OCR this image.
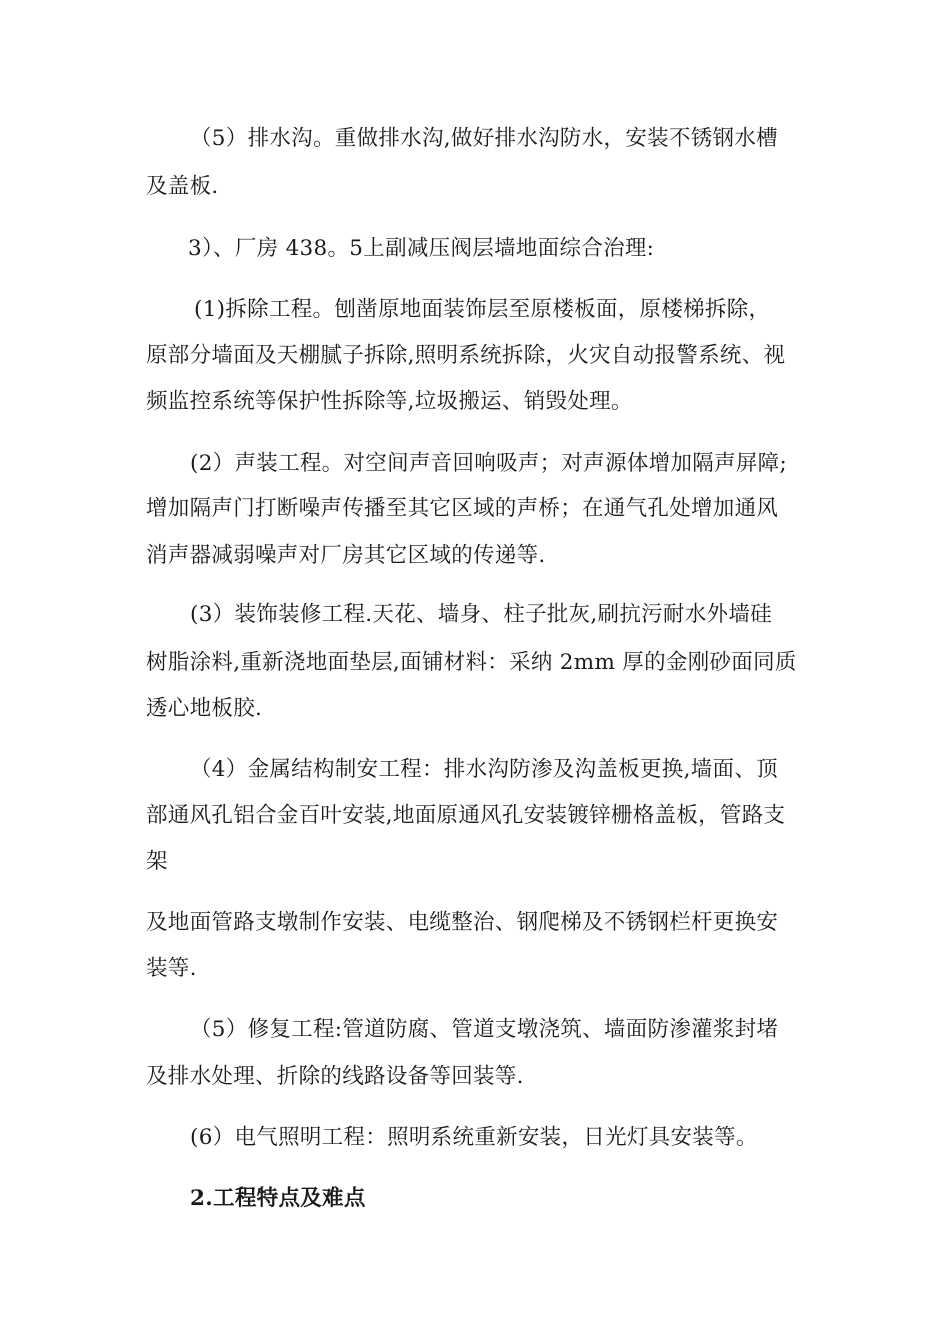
（5）排水沟。重做排水沟,做好排水沟防水，安装不锈钢水槽
及盖板.
3）、厂房 438。5上副减压阀层墙地面综合治理:
(1)拆除工程。刨凿原地面装饰层至原楼板面，原楼梯拆除，
原部分墙面及天棚腻子拆除,照明系统拆除，火灾自动报警系统、视
频监控系统等保护性拆除等,垃圾搬运、销毁处理。
(2）声装工程。对空间声音回响吸声；对声源体增加隔声屏障;
增加隔声门打断噪声传播至其它区域的声桥；在通气孔处增加通风
消声器减弱噪声对厂房其它区域的传递等.
(3）装饰装修工程.天花、墙身、柱子批灰,刷抗污耐水外墙硅
树脂涂料,重新浇地面垫层,面铺材料：采纳 2mm 厚的金刚砂面同质
透心地板胶.
（4）金属结构制安工程：排水沟防渗及沟盖板更换,墙面、顶
部通风孔铝合金百叶安装,地面原通风孔安装镀锌栅格盖板，管路支
架
及地面管路支墩制作安装、电缆整治、钢爬梯及不锈钢栏杆更换安
装等.
（5）修复工程:管道防腐、管道支墩浇筑、墙面防渗灌浆封堵
及排水处理、折除的线路设备等回装等.
(6）电气照明工程：照明系统重新安装，日光灯具安装等。
2.工程特点及难点
